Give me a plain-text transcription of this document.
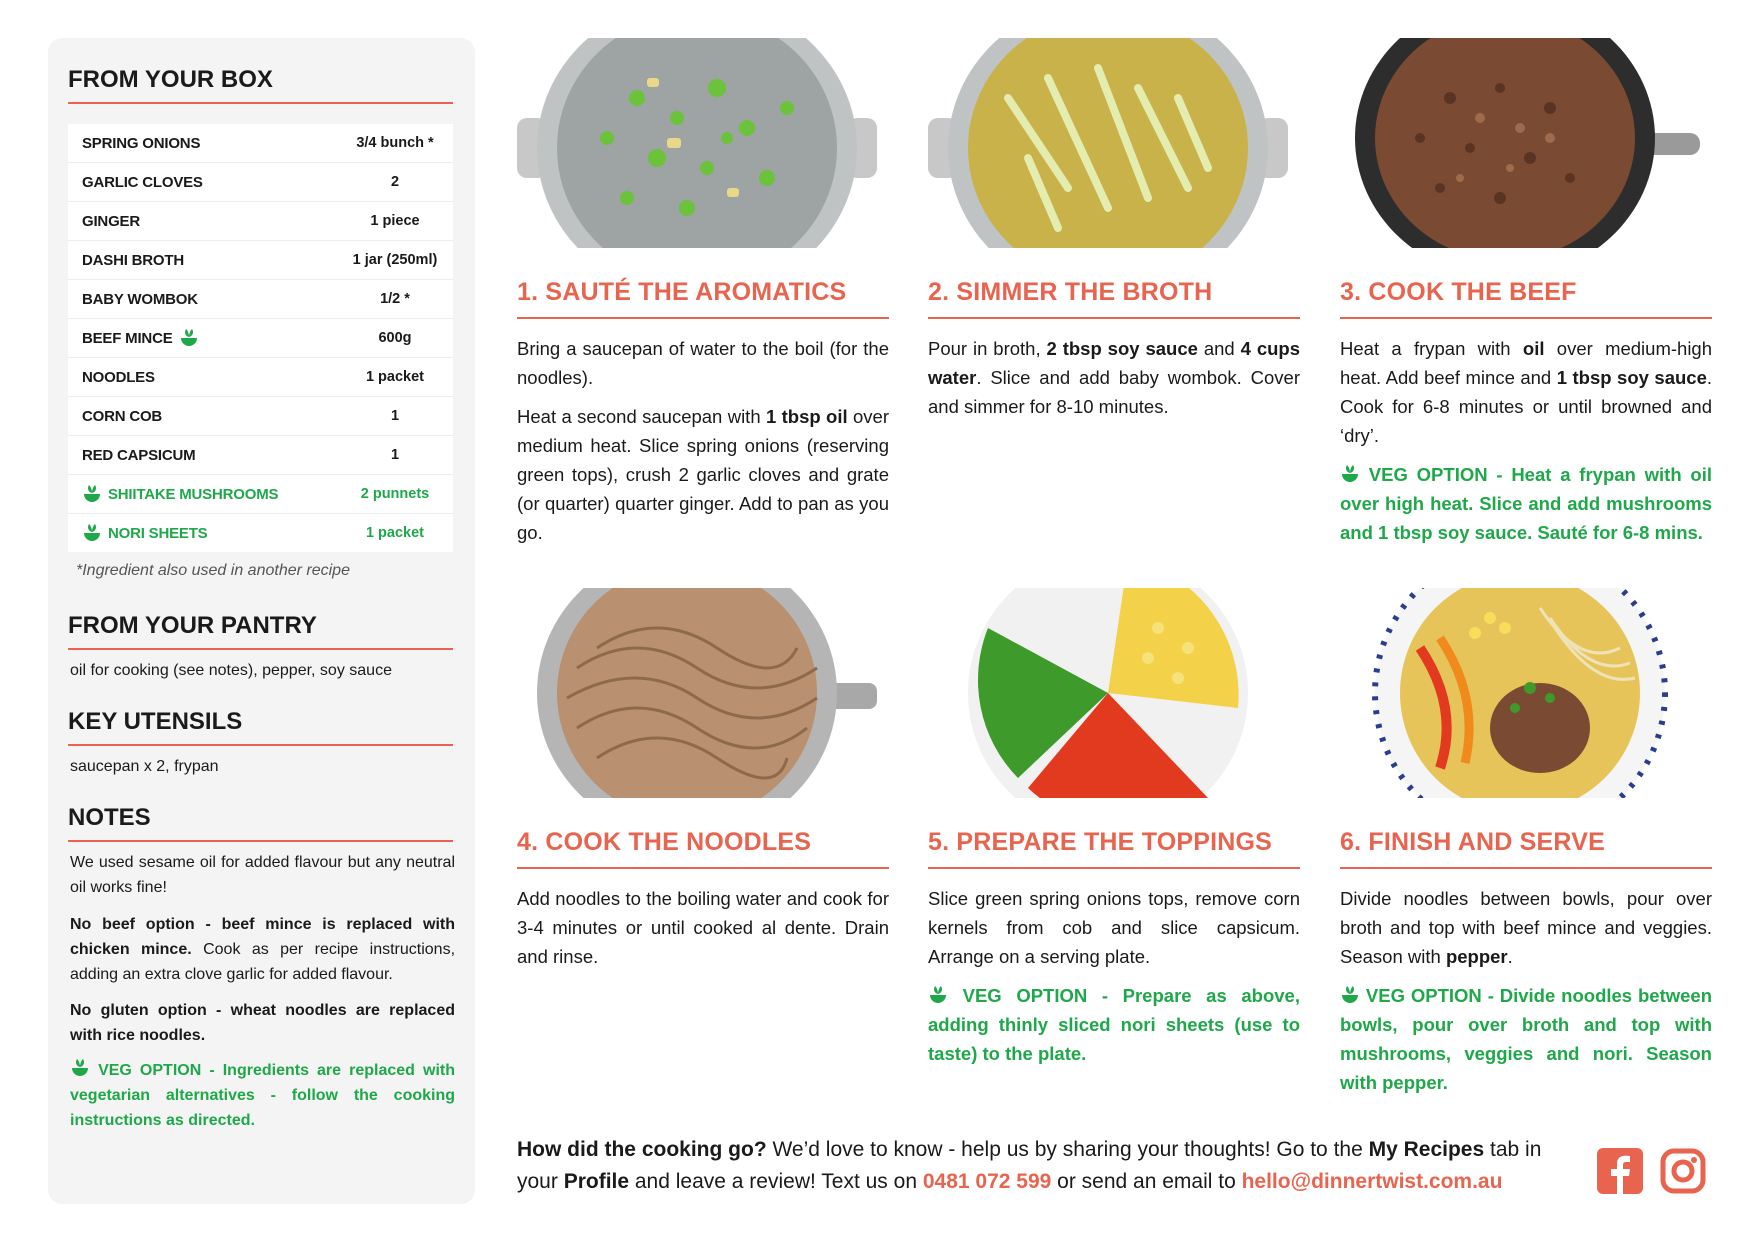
FROM YOUR BOX
SPRING ONIONS	3/4 bunch *
GARLIC CLOVES	2
GINGER	1 piece
DASHI BROTH	1 jar (250ml)
BABY WOMBOK	1/2 *
BEEF MINCE	600g
NOODLES	1 packet
CORN COB	1
RED CAPSICUM	1
SHIITAKE MUSHROOMS	2 punnets
NORI SHEETS	1 packet
*Ingredient also used in another recipe
FROM YOUR PANTRY
oil for cooking (see notes), pepper, soy sauce
KEY UTENSILS
saucepan x 2, frypan
NOTES
We used sesame oil for added flavour but any neutral oil works fine!
No beef option - beef mince is replaced with chicken mince. Cook as per recipe instructions, adding an extra clove garlic for added flavour.
No gluten option - wheat noodles are replaced with rice noodles.
VEG OPTION - Ingredients are replaced with vegetarian alternatives - follow the cooking instructions as directed.
1. SAUTÉ THE AROMATICS

Bring a saucepan of water to the boil (for the noodles).

Heat a second saucepan with 1 tbsp oil over medium heat. Slice spring onions (reserving green tops), crush 2 garlic cloves and grate (or quarter) quarter ginger. Add to pan as you go.

2. SIMMER THE BROTH

Pour in broth, 2 tbsp soy sauce and 4 cups water. Slice and add baby wombok. Cover and simmer for 8-10 minutes.

3. COOK THE BEEF

Heat a frypan with oil over medium-high heat. Add beef mince and 1 tbsp soy sauce. Cook for 6-8 minutes or until browned and ‘dry’.

VEG OPTION - Heat a frypan with oil over high heat. Slice and add mushrooms and 1 tbsp soy sauce. Sauté for 6-8 mins.

4. COOK THE NOODLES

Add noodles to the boiling water and cook for 3-4 minutes or until cooked al dente. Drain and rinse.

5. PREPARE THE TOPPINGS

Slice green spring onions tops, remove corn kernels from cob and slice capsicum. Arrange on a serving plate.

VEG OPTION - Prepare as above, adding thinly sliced nori sheets (use to taste) to the plate.

6. FINISH AND SERVE

Divide noodles between bowls, pour over broth and top with beef mince and veggies. Season with pepper.

VEG OPTION - Divide noodles between bowls, pour over broth and top with mushrooms, veggies and nori. Season with pepper.

How did the cooking go? We’d love to know - help us by sharing your thoughts! Go to the My Recipes tab in your Profile and leave a review! Text us on 0481 072 599 or send an email to hello@dinnertwist.com.au
